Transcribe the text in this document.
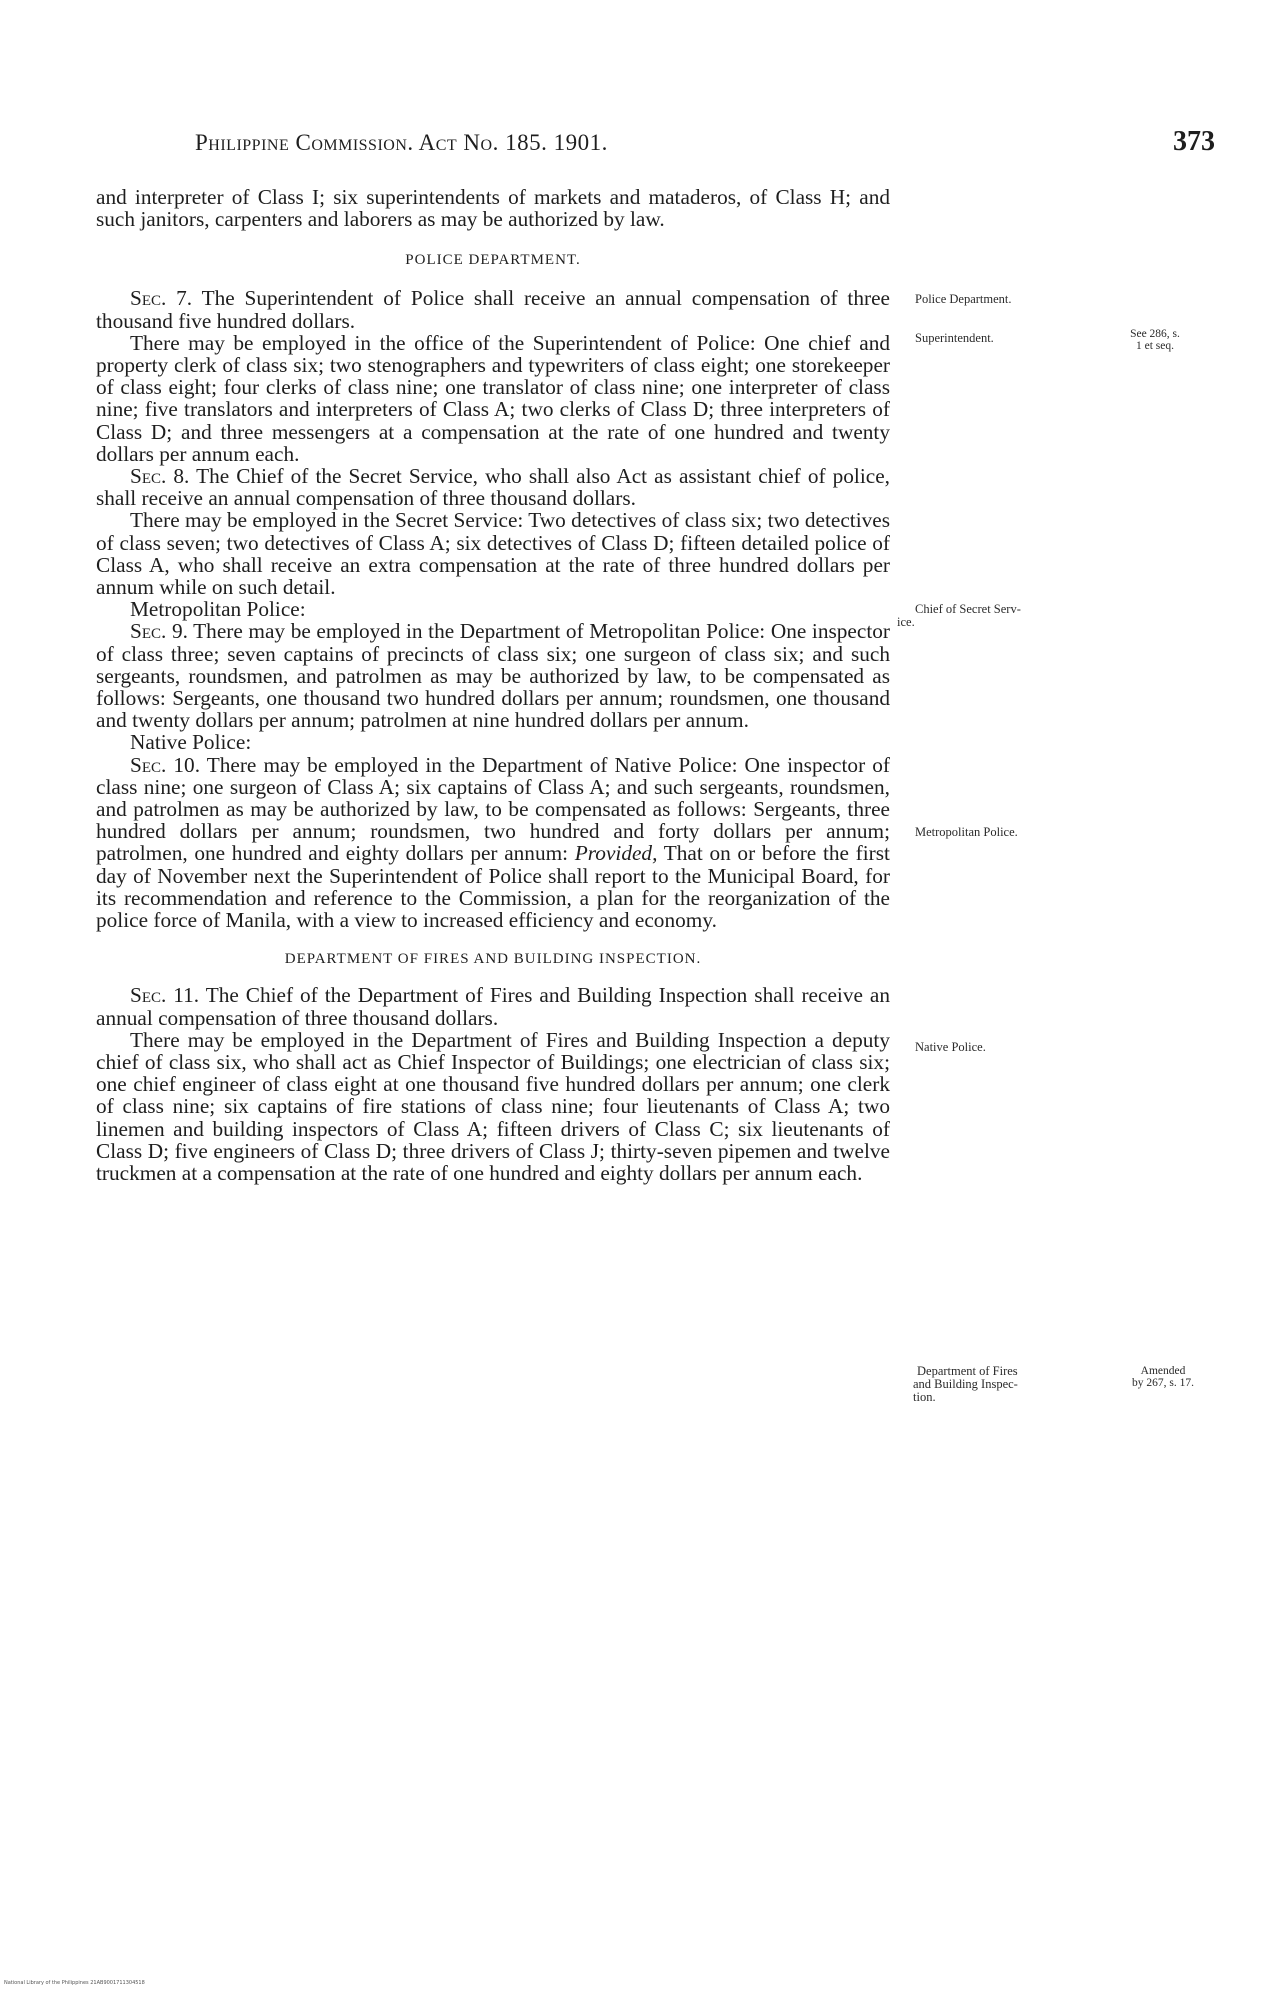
Philippine Commission. Act No. 185. 1901.	373

and interpreter of Class I; six superintendents of markets and mataderos, of Class H; and such janitors, carpenters and laborers as may be authorized by law.

POLICE DEPARTMENT.

Sec. 7. The Superintendent of Police shall receive an annual compensation of three thousand five hundred dollars.

There may be employed in the office of the Superintendent of Police: One chief and property clerk of class six; two stenographers and typewriters of class eight; one storekeeper of class eight; four clerks of class nine; one translator of class nine; one interpreter of class nine; five translators and interpreters of Class A; two clerks of Class D; three interpreters of Class D; and three messengers at a compensation at the rate of one hundred and twenty dollars per annum each.

Sec. 8. The Chief of the Secret Service, who shall also Act as assistant chief of police, shall receive an annual compensation of three thousand dollars.

There may be employed in the Secret Service: Two detectives of class six; two detectives of class seven; two detectives of Class A; six detectives of Class D; fifteen detailed police of Class A, who shall receive an extra compensation at the rate of three hundred dollars per annum while on such detail.

Metropolitan Police:

Sec. 9. There may be employed in the Department of Metropolitan Police: One inspector of class three; seven captains of precincts of class six; one surgeon of class six; and such sergeants, roundsmen, and patrolmen as may be authorized by law, to be compensated as follows: Sergeants, one thousand two hundred dollars per annum; roundsmen, one thousand and twenty dollars per annum; patrolmen at nine hundred dollars per annum.

Native Police:

Sec. 10. There may be employed in the Department of Native Police: One inspector of class nine; one surgeon of Class A; six captains of Class A; and such sergeants, roundsmen, and patrolmen as may be authorized by law, to be compensated as follows: Sergeants, three hundred dollars per annum; roundsmen, two hundred and forty dollars per annum; patrolmen, one hundred and eighty dollars per annum: Provided, That on or before the first day of November next the Superintendent of Police shall report to the Municipal Board, for its recommendation and reference to the Commission, a plan for the reorganization of the police force of Manila, with a view to increased efficiency and economy.

DEPARTMENT OF FIRES AND BUILDING INSPECTION.

Sec. 11. The Chief of the Department of Fires and Building Inspection shall receive an annual compensation of three thousand dollars.

There may be employed in the Department of Fires and Building Inspection a deputy chief of class six, who shall act as Chief Inspector of Buildings; one electrician of class six; one chief engineer of class eight at one thousand five hundred dollars per annum; one clerk of class nine; six captains of fire stations of class nine; four lieutenants of Class A; two linemen and building inspectors of Class A; fifteen drivers of Class C; six lieutenants of Class D; five engineers of Class D; three drivers of Class J; thirty-seven pipemen and twelve truckmen at a compensation at the rate of one hundred and eighty dollars per annum each.

Police Department.
Superintendent.	See 286, s.
1 et seq.
Chief of Secret Serv-
ice.
Metropolitan Police.
Native Police.
Department of Fires
and Building Inspec-
tion.
Amended
by 267, s. 17.
National Library of the Philippines 21AB9001711304518
